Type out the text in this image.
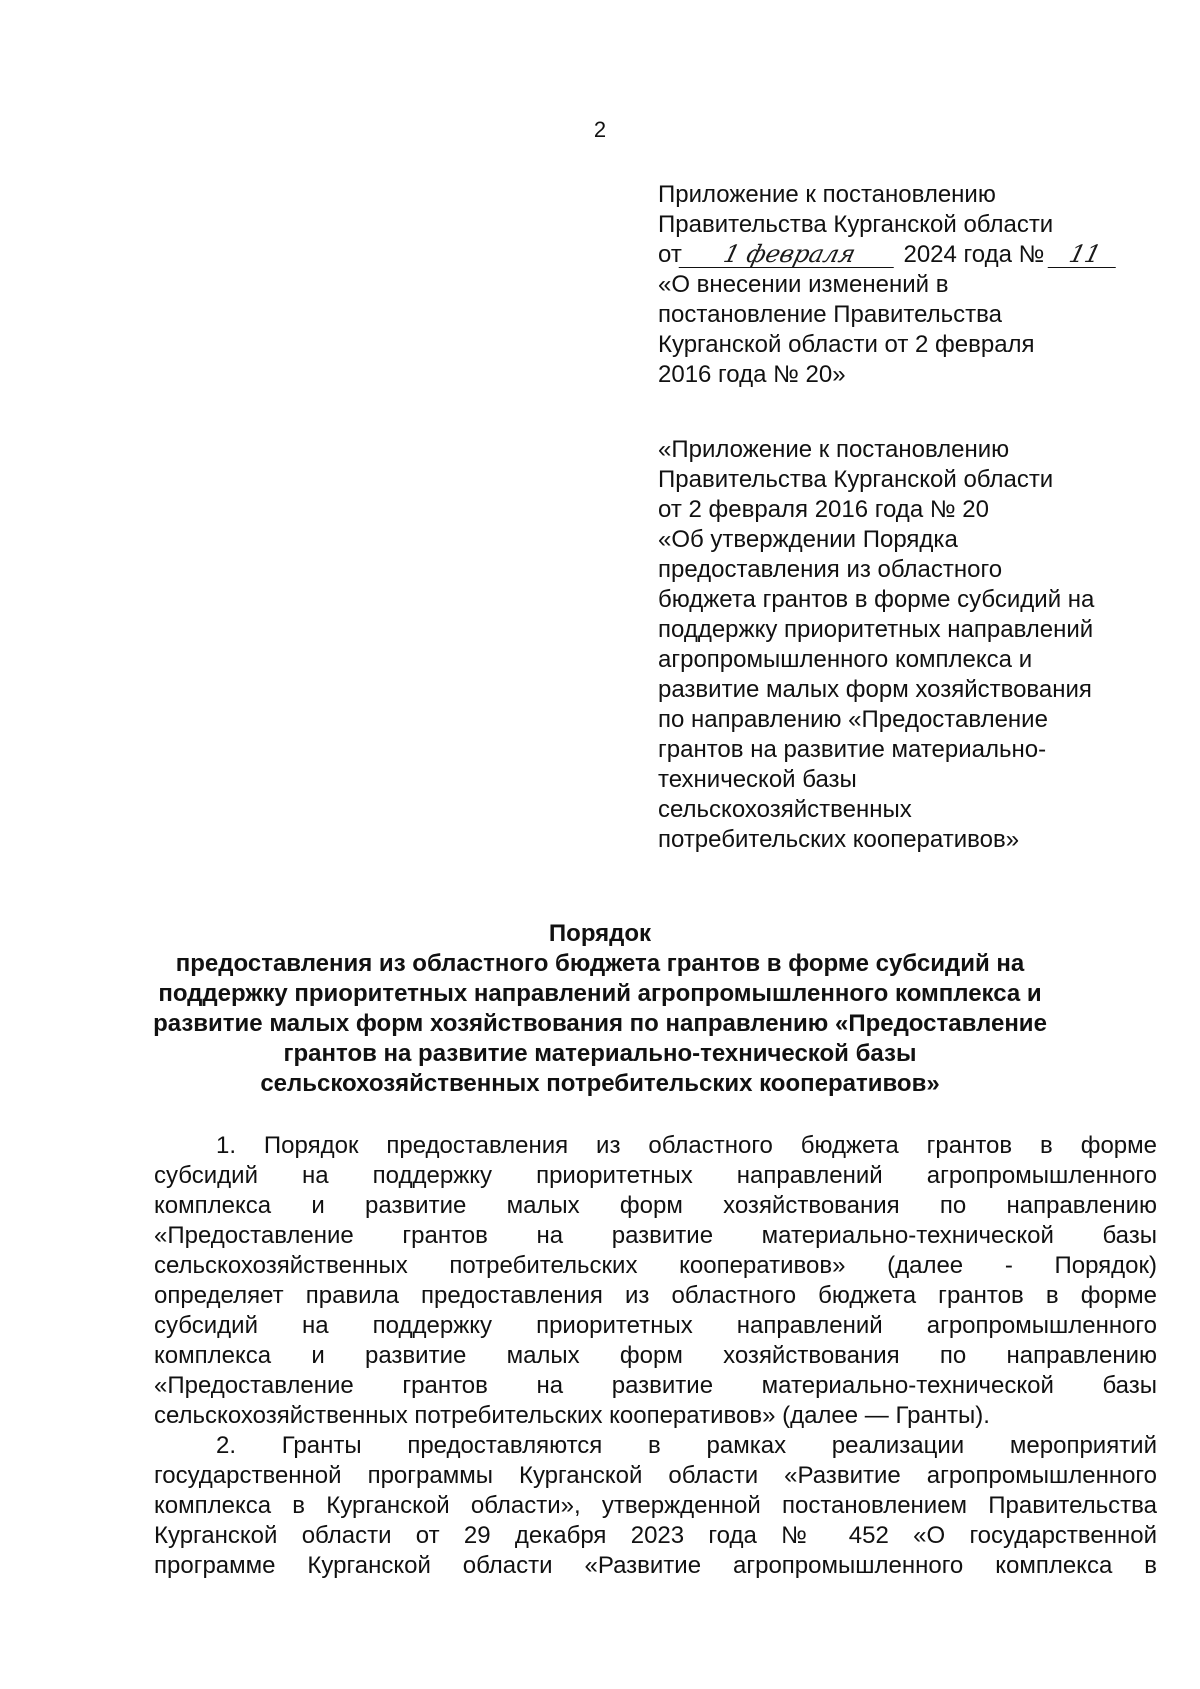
2
Приложение к постановлению
Правительства Курганской области
от 1 февраля 2024 года № 11
«О внесении изменений в
постановление Правительства
Курганской области от 2 февраля
2016 года № 20»
«Приложение к постановлению
Правительства Курганской области
от 2 февраля 2016 года № 20
«Об утверждении Порядка
предоставления из областного
бюджета грантов в форме субсидий на
поддержку приоритетных направлений
агропромышленного комплекса и
развитие малых форм хозяйствования
по направлению «Предоставление
грантов на развитие материально-
технической базы
сельскохозяйственных
потребительских кооперативов»
Порядок
предоставления из областного бюджета грантов в форме субсидий на
поддержку приоритетных направлений агропромышленного комплекса и
развитие малых форм хозяйствования по направлению «Предоставление
грантов на развитие материально-технической базы
сельскохозяйственных потребительских кооперативов»
1. Порядок предоставления из областного бюджета грантов в форме
субсидий на поддержку приоритетных направлений агропромышленного
комплекса и развитие малых форм хозяйствования по направлению
«Предоставление грантов на развитие материально-технической базы
сельскохозяйственных потребительских кооперативов» (далее - Порядок)
определяет правила предоставления из областного бюджета грантов в форме
субсидий на поддержку приоритетных направлений агропромышленного
комплекса и развитие малых форм хозяйствования по направлению
«Предоставление грантов на развитие материально-технической базы
сельскохозяйственных потребительских кооперативов» (далее — Гранты).
2. Гранты предоставляются в рамках реализации мероприятий
государственной программы Курганской области «Развитие агропромышленного
комплекса в Курганской области», утвержденной постановлением Правительства
Курганской области от 29 декабря 2023 года № 452 «О государственной
программе Курганской области «Развитие агропромышленного комплекса в
